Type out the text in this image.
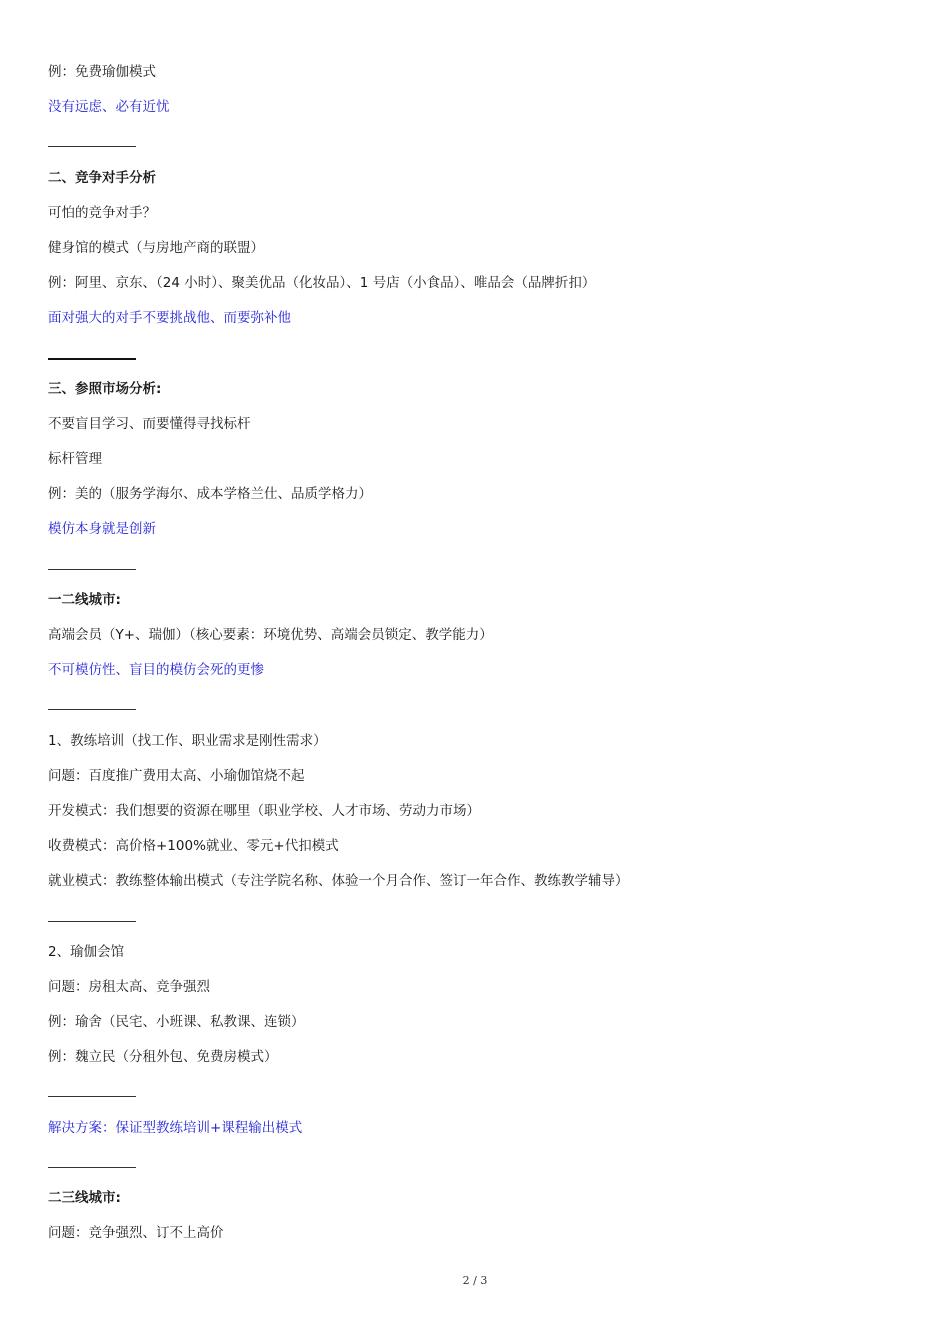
例：免费瑜伽模式
没有远虑、必有近忧
二、竞争对手分析
可怕的竞争对手？
健身馆的模式（与房地产商的联盟）
例：阿里、京东、（24 小时）、聚美优品（化妆品）、1 号店（小食品）、唯品会（品牌折扣）
面对强大的对手不要挑战他、而要弥补他
三、参照市场分析:
不要盲目学习、而要懂得寻找标杆
标杆管理
例：美的（服务学海尔、成本学格兰仕、品质学格力）
模仿本身就是创新
一二线城市:
高端会员（Y+、瑞伽）（核心要素：环境优势、高端会员锁定、教学能力）
不可模仿性、盲目的模仿会死的更惨
1、教练培训（找工作、职业需求是刚性需求）
问题：百度推广费用太高、小瑜伽馆烧不起
开发模式：我们想要的资源在哪里（职业学校、人才市场、劳动力市场）
收费模式：高价格+100%就业、零元+代扣模式
就业模式：教练整体输出模式（专注学院名称、体验一个月合作、签订一年合作、教练教学辅导）
2、瑜伽会馆
问题：房租太高、竞争强烈
例：瑜舍（民宅、小班课、私教课、连锁）
例：魏立民（分租外包、免费房模式）
解决方案：保证型教练培训+课程输出模式
二三线城市:
问题：竞争强烈、订不上高价
2 / 3
